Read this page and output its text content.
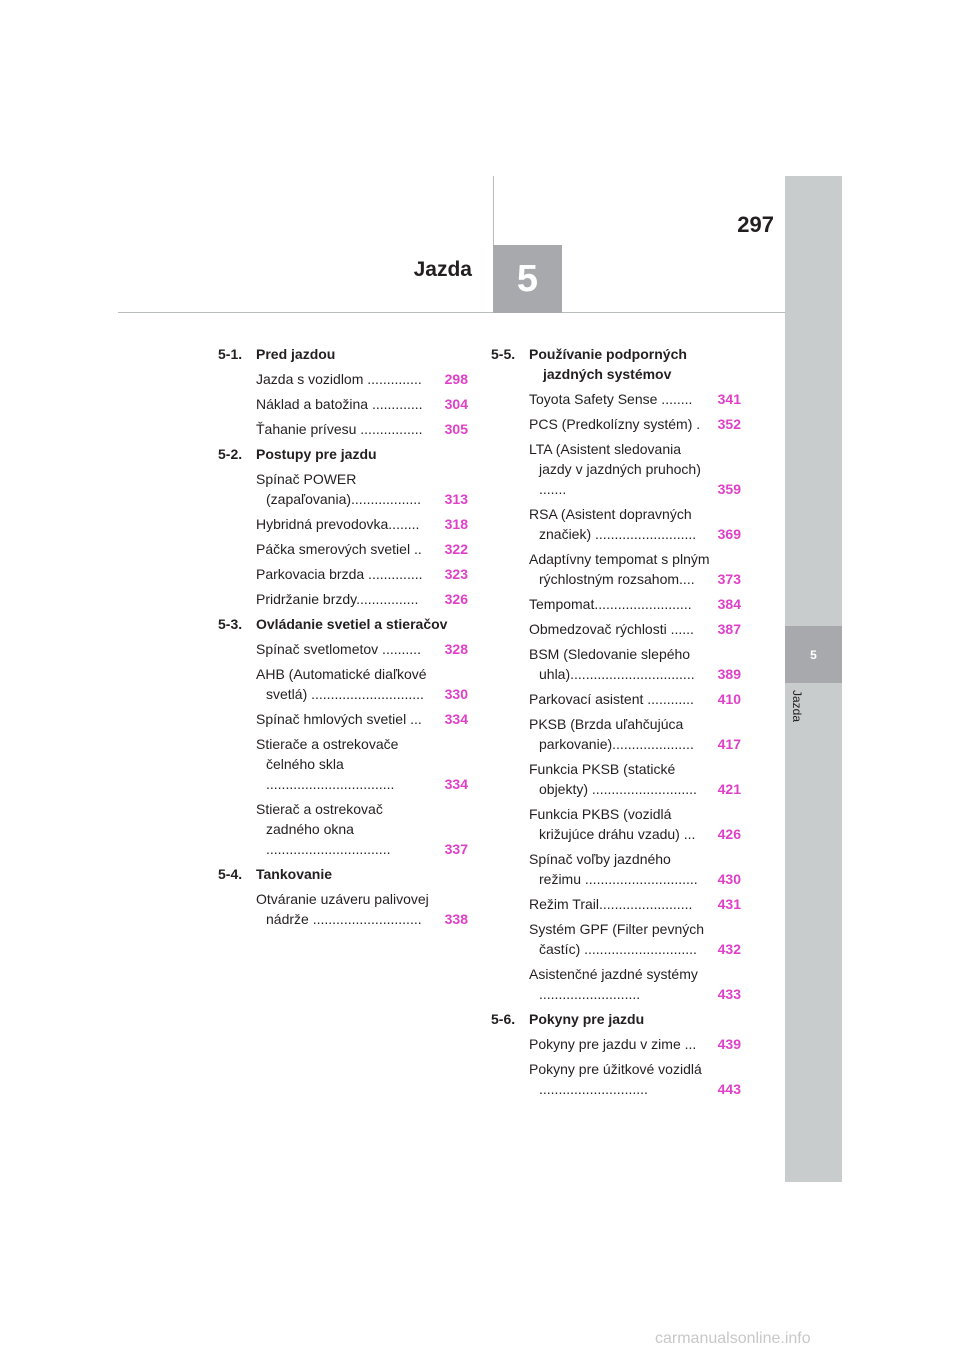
297
Jazda 5
5
Jazda
5-1. Pred jazdou
Jazda s vozidlom ..............	298
Náklad a batožina .............	304
Ťahanie prívesu ................	305
5-2. Postupy pre jazdu
Spínač POWER (zapaľovania)..................	313
Hybridná prevodovka........	318
Páčka smerových svetiel ..	322
Parkovacia brzda ..............	323
Pridržanie brzdy................	326
5-3. Ovládanie svetiel a stieračov
Spínač svetlometov ..........	328
AHB (Automatické diaľkové svetlá) .............................	330
Spínač hmlových svetiel ...	334
Stierače a ostrekovače čelného skla .................................	334
Stierač a ostrekovač zadného okna ................................	337
5-4. Tankovanie
Otváranie uzáveru palivovej nádrže ............................	338
5-5. Používanie podporných jazdných systémov
Toyota Safety Sense ........	341
PCS (Predkolízny systém) .	352
LTA (Asistent sledovania jazdy v jazdných pruhoch) .......	359
RSA (Asistent dopravných značiek) ..........................	369
Adaptívny tempomat s plným rýchlostným rozsahom....	373
Tempomat.........................	384
Obmedzovač rýchlosti ......	387
BSM (Sledovanie slepého uhla)................................	389
Parkovací asistent ............	410
PKSB (Brzda uľahčujúca parkovanie).....................	417
Funkcia PKSB (statické objekty) ...........................	421
Funkcia PKBS (vozidlá križujúce dráhu vzadu) ...	426
Spínač voľby jazdného režimu .............................	430
Režim Trail........................	431
Systém GPF (Filter pevných častíc) .............................	432
Asistenčné jazdné systémy ..........................	433
5-6. Pokyny pre jazdu
Pokyny pre jazdu v zime ...	439
Pokyny pre úžitkové vozidlá ............................	443
carmanualsonline.info
